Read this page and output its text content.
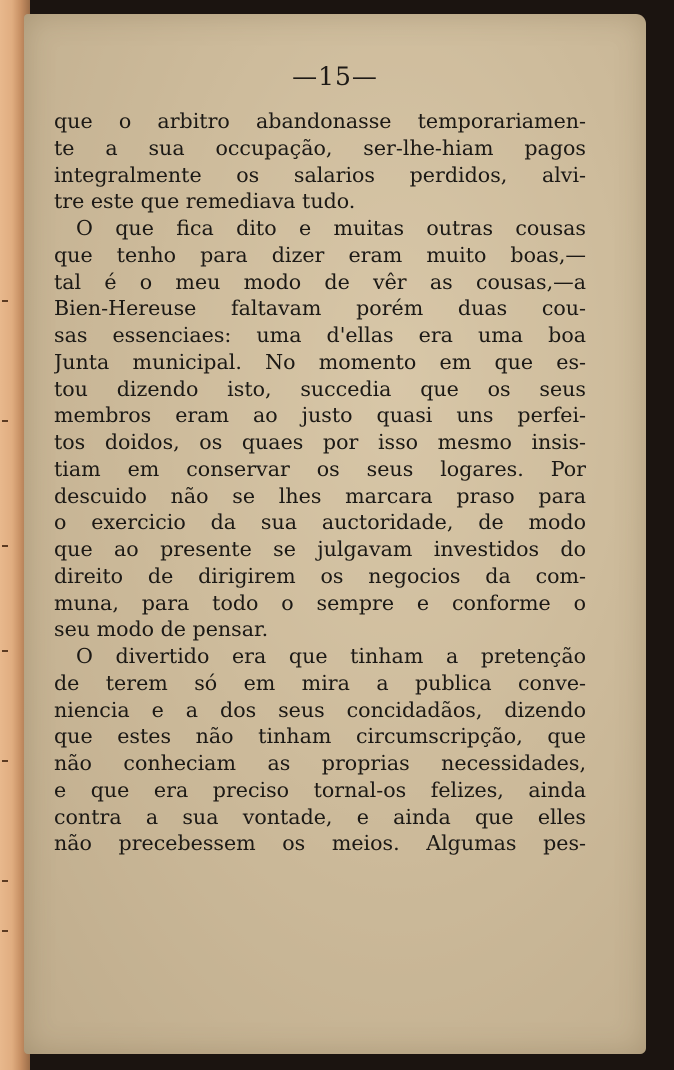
—15—
que o arbitro abandonasse temporariamen-
te a sua occupação, ser-lhe-hiam pagos
integralmente os salarios perdidos, alvi-
tre este que remediava tudo.
O que fica dito e muitas outras cousas
que tenho para dizer eram muito boas,—
tal é o meu modo de vêr as cousas,—a
Bien-Hereuse faltavam porém duas cou-
sas essenciaes: uma d'ellas era uma boa
Junta municipal. No momento em que es-
tou dizendo isto, succedia que os seus
membros eram ao justo quasi uns perfei-
tos doidos, os quaes por isso mesmo insis-
tiam em conservar os seus logares. Por
descuido não se lhes marcara praso para
o exercicio da sua auctoridade, de modo
que ao presente se julgavam investidos do
direito de dirigirem os negocios da com-
muna, para todo o sempre e conforme o
seu modo de pensar.
O divertido era que tinham a pretenção
de terem só em mira a publica conve-
niencia e a dos seus concidadãos, dizendo
que estes não tinham circumscripção, que
não conheciam as proprias necessidades,
e que era preciso tornal-os felizes, ainda
contra a sua vontade, e ainda que elles
não precebessem os meios. Algumas pes-
